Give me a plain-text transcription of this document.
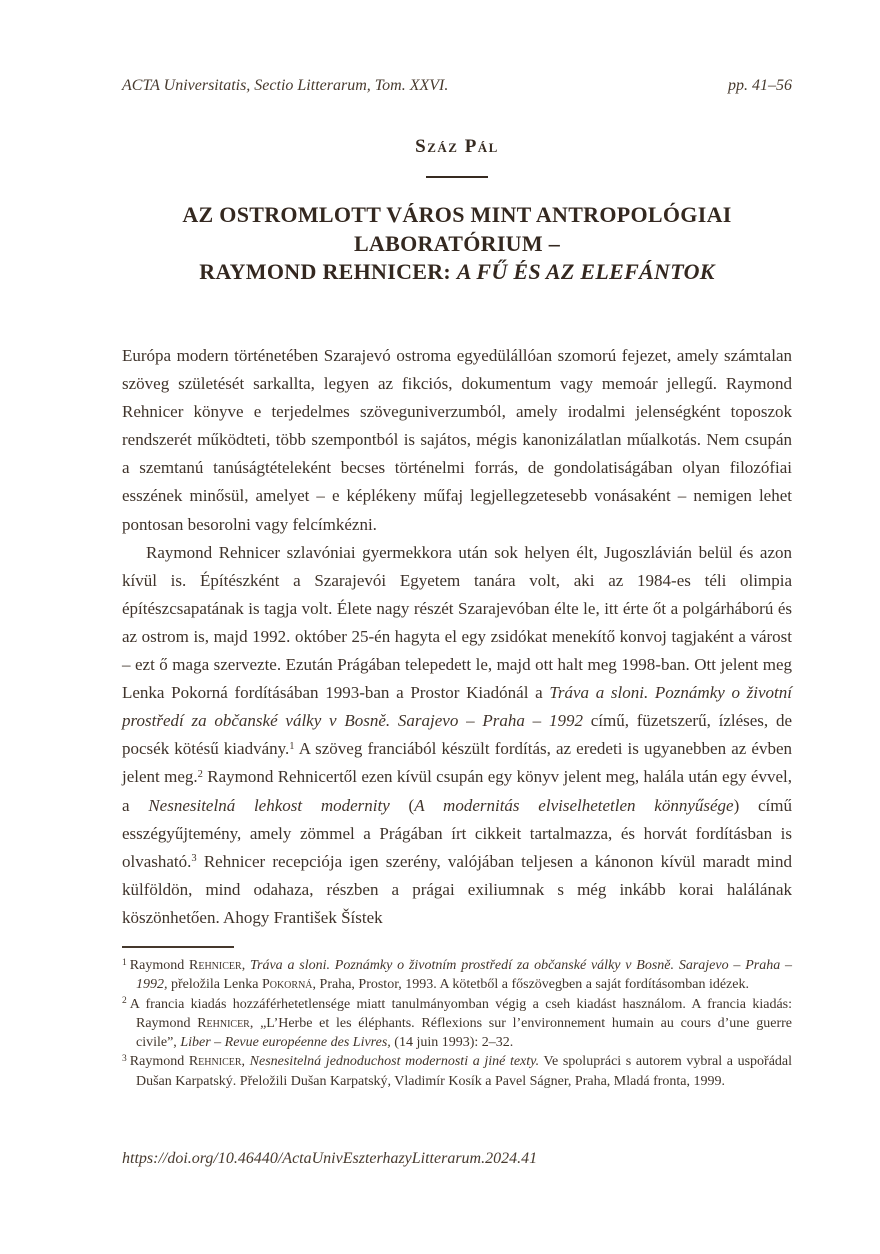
ACTA Universitatis, Sectio Litterarum, Tom. XXVI.	pp. 41–56
Száz Pál
AZ OSTROMLOTT VÁROS MINT ANTROPOLÓGIAI
LABORATÓRIUM –
RAYMOND REHNICER: A FŰ ÉS AZ ELEFÁNTOK

Európa modern történetében Szarajevó ostroma egyedülállóan szomorú fejezet, amely számtalan szöveg születését sarkallta, legyen az fikciós, dokumentum vagy memoár jellegű. Raymond Rehnicer könyve e terjedelmes szöveguniverzumból, amely irodalmi jelenségként toposzok rendszerét működteti, több szempontból is sajátos, mégis kanonizálatlan műalkotás. Nem csupán a szemtanú tanúságtételeként becses történelmi forrás, de gondolatiságában olyan filozófiai esszének minősül, amelyet – e képlékeny műfaj legjellegzetesebb vonásaként – nemigen lehet pontosan besorolni vagy felcímkézni.

Raymond Rehnicer szlavóniai gyermekkora után sok helyen élt, Jugoszlávián belül és azon kívül is. Építészként a Szarajevói Egyetem tanára volt, aki az 1984-es téli olimpia építészcsapatának is tagja volt. Élete nagy részét Szarajevóban élte le, itt érte őt a polgárháború és az ostrom is, majd 1992. október 25-én hagyta el egy zsidókat menekítő konvoj tagjaként a várost – ezt ő maga szervezte. Ezután Prágában telepedett le, majd ott halt meg 1998-ban. Ott jelent meg Lenka Pokorná fordításában 1993-ban a Prostor Kiadónál a Tráva a sloni. Poznámky o životní prostředí za občanské války v Bosně. Sarajevo – Praha – 1992 című, füzetszerű, ízléses, de pocsék kötésű kiadvány.$^1$ A szöveg franciából készült fordítás, az eredeti is ugyanebben az évben jelent meg.$^2$ Raymond Rehnicertől ezen kívül csupán egy könyv jelent meg, halála után egy évvel, a Nesnesitelná lehkost modernity (A modernitás elviselhetetlen könnyűsége) című esszégyűjtemény, amely zömmel a Prágában írt cikkeit tartalmazza, és horvát fordításban is olvasható.$^3$ Rehnicer recepciója igen szerény, valójában teljesen a kánonon kívül maradt mind külföldön, mind odahaza, részben a prágai exiliumnak s még inkább korai halálának köszönhetően. Ahogy František Šístek

$^1$ Raymond Rehnicer, Tráva a sloni. Poznámky o životním prostředí za občanské války v Bosně. Sarajevo – Praha – 1992, přeložila Lenka Pokorná, Praha, Prostor, 1993. A kötetből a főszövegben a saját fordításomban idézek.
$^2$ A francia kiadás hozzáférhetetlensége miatt tanulmányomban végig a cseh kiadást használom. A francia kiadás: Raymond Rehnicer, „L’Herbe et les éléphants. Réflexions sur l’environnement humain au cours d’une guerre civile”, Liber – Revue européenne des Livres, (14 juin 1993): 2–32.
$^3$ Raymond Rehnicer, Nesnesitelná jednoduchost modernosti a jiné texty. Ve spolupráci s autorem vybral a uspořádal Dušan Karpatský. Přeložili Dušan Karpatský, Vladimír Kosík a Pavel Ságner, Praha, Mladá fronta, 1999.
https://doi.org/10.46440/ActaUnivEszterhazyLitterarum.2024.41
